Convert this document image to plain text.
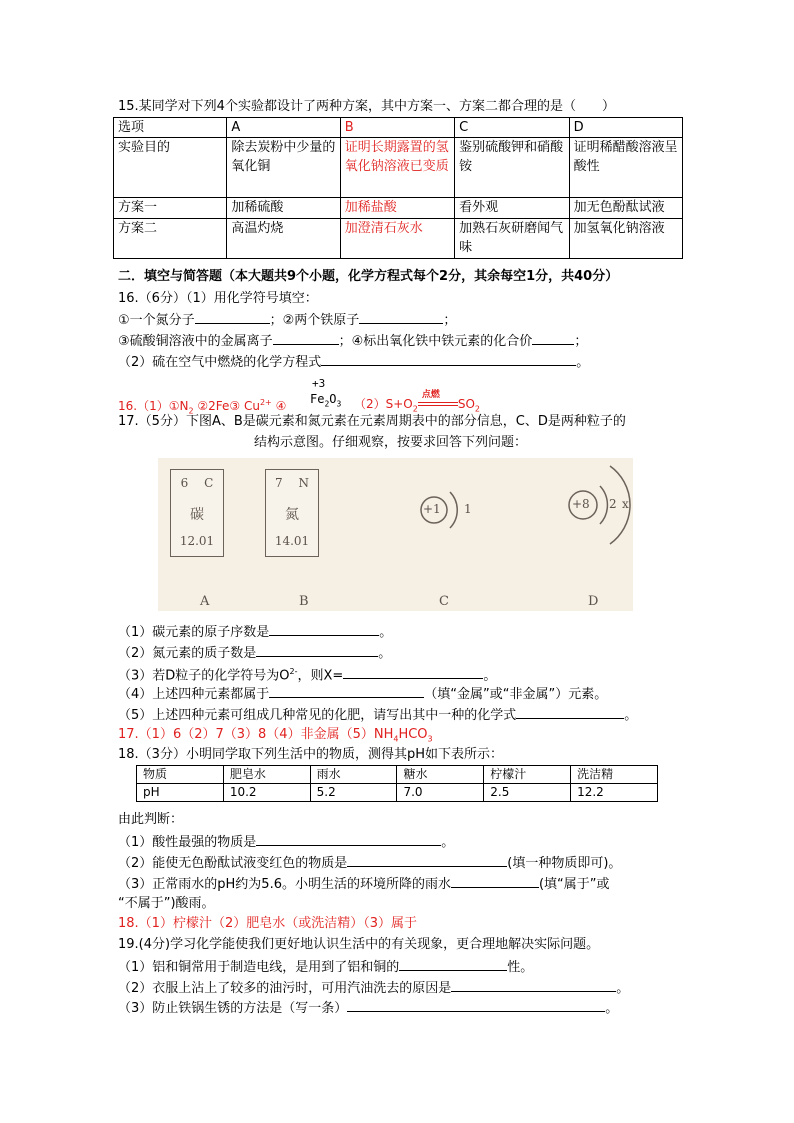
15.某同学对下列4个实验都设计了两种方案，其中方案一、方案二都合理的是（　　）
选项	A	B	C	D
实验目的	除去炭粉中少量的氧化铜	证明长期露置的氢氧化钠溶液已变质	鉴别硫酸钾和硝酸铵	证明稀醋酸溶液呈酸性
方案一	加稀硫酸	加稀盐酸	看外观	加无色酚酞试液
方案二	高温灼烧	加澄清石灰水	加熟石灰研磨闻气味	加氢氧化钠溶液
二．填空与简答题（本大题共9个小题，化学方程式每个2分，其余每空1分，共40分）
16.（6分）（1）用化学符号填空：
①一个氮分子	；②两个铁原子	；
③硫酸铜溶液中的金属离子	；④标出氧化铁中铁元素的化合价	；
（2）硫在空气中燃烧的化学方程式	。
$16.(1)①N_2$ ②2Fe③ $Cu^{2+}$ ④
+3
$Fe_2O_3$ $(2)S+O_2$
点燃
$SO_2$
17.（5分）下图A、B是碳元素和氮元素在元素周期表中的部分信息，C、D是两种粒子的
结构示意图。仔细观察，按要求回答下列问题：
6 C
碳
12.01
7 N
氮
14.01
+1 1	+8 2 x
A	B	C	D
（1）碳元素的原子序数是	。
（2）氮元素的质子数是	。
（3）若D粒子的化学符号为$O^{2-}$，则X=	。
（4）上述四种元素都属于	（填“金属”或“非金属”）元素。
（5）上述四种元素可组成几种常见的化肥，请写出其中一种的化学式	。
17.（1）6（2）7（3）8（4）非金属$(5)NH_4HCO_3$
18.（3分）小明同学取下列生活中的物质，测得其pH如下表所示：
物质	肥皂水	雨水	糖水	柠檬汁	洗洁精
pH	10.2	5.2	7.0	2.5	12.2
由此判断：
（1）酸性最强的物质是	。
（2）能使无色酚酞试液变红色的物质是	(填一种物质即可)。
（3）正常雨水的pH约为5.6。小明生活的环境所降的雨水	(填“属于”或
“不属于”)酸雨。
18.（1）柠檬汁（2）肥皂水（或洗洁精）（3）属于
19.(4分)学习化学能使我们更好地认识生活中的有关现象，更合理地解决实际问题。
（1）铝和铜常用于制造电线，是用到了铝和铜的	性。
（2）衣服上沾上了较多的油污时，可用汽油洗去的原因是	。
（3）防止铁锅生锈的方法是（写一条）	。
